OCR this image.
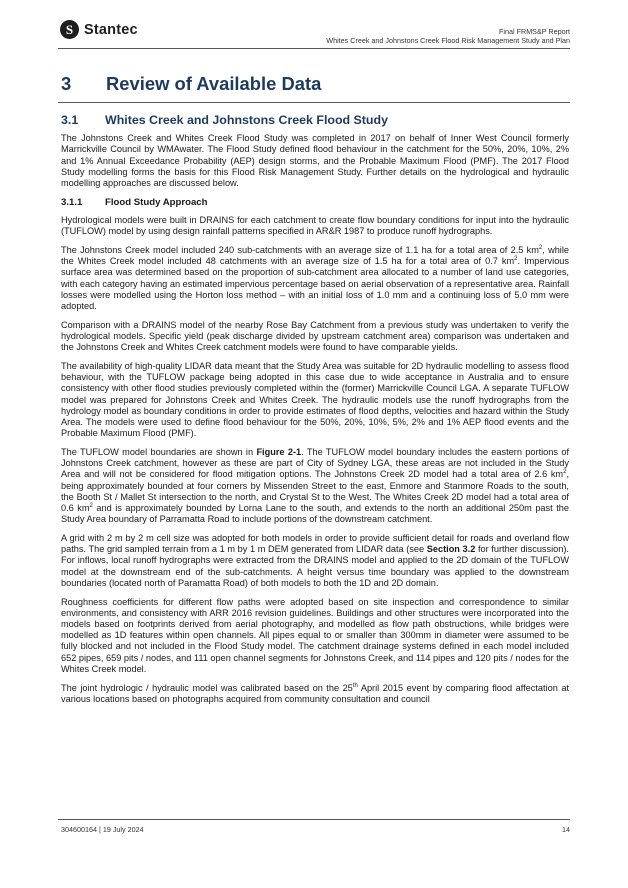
S Stantec	Final FRMS&P Report
Whites Creek and Johnstons Creek Flood Risk Management Study and Plan
3 Review of Available Data
3.1 Whites Creek and Johnstons Creek Flood Study

The Johnstons Creek and Whites Creek Flood Study was completed in 2017 on behalf of Inner West Council formerly Marrickville Council by WMAwater. The Flood Study defined flood behaviour in the catchment for the 50%, 20%, 10%, 2% and 1% Annual Exceedance Probability (AEP) design storms, and the Probable Maximum Flood (PMF). The 2017 Flood Study modelling forms the basis for this Flood Risk Management Study. Further details on the hydrological and hydraulic modelling approaches are discussed below.

3.1.1 Flood Study Approach

Hydrological models were built in DRAINS for each catchment to create flow boundary conditions for input into the hydraulic (TUFLOW) model by using design rainfall patterns specified in AR&R 1987 to produce runoff hydrographs.

The Johnstons Creek model included 240 sub-catchments with an average size of 1.1 ha for a total area of 2.5 $km^2$, while the Whites Creek model included 48 catchments with an average size of 1.5 ha for a total area of 0.7 $km^2$. Impervious surface area was determined based on the proportion of sub-catchment area allocated to a number of land use categories, with each category having an estimated impervious percentage based on aerial observation of a representative area. Rainfall losses were modelled using the Horton loss method – with an initial loss of 1.0 mm and a continuing loss of 5.0 mm were adopted.

Comparison with a DRAINS model of the nearby Rose Bay Catchment from a previous study was undertaken to verify the hydrological models. Specific yield (peak discharge divided by upstream catchment area) comparison was undertaken and the Johnstons Creek and Whites Creek catchment models were found to have comparable yields.

The availability of high-quality LIDAR data meant that the Study Area was suitable for 2D hydraulic modelling to assess flood behaviour, with the TUFLOW package being adopted in this case due to wide acceptance in Australia and to ensure consistency with other flood studies previously completed within the (former) Marrickville Council LGA. A separate TUFLOW model was prepared for Johnstons Creek and Whites Creek. The hydraulic models use the runoff hydrographs from the hydrology model as boundary conditions in order to provide estimates of flood depths, velocities and hazard within the Study Area. The models were used to define flood behaviour for the 50%, 20%, 10%, 5%, 2% and 1% AEP flood events and the Probable Maximum Flood (PMF).

The TUFLOW model boundaries are shown in Figure 2-1. The TUFLOW model boundary includes the eastern portions of Johnstons Creek catchment, however as these are part of City of Sydney LGA, these areas are not included in the Study Area and will not be considered for flood mitigation options. The Johnstons Creek 2D model had a total area of 2.6 $km^2$, being approximately bounded at four corners by Missenden Street to the east, Enmore and Stanmore Roads to the south, the Booth St / Mallet St intersection to the north, and Crystal St to the West. The Whites Creek 2D model had a total area of 0.6 $km^2$ and is approximately bounded by Lorna Lane to the south, and extends to the north an additional 250m past the Study Area boundary of Parramatta Road to include portions of the downstream catchment.

A grid with 2 m by 2 m cell size was adopted for both models in order to provide sufficient detail for roads and overland flow paths. The grid sampled terrain from a 1 m by 1 m DEM generated from LIDAR data (see Section 3.2 for further discussion). For inflows, local runoff hydrographs were extracted from the DRAINS model and applied to the 2D domain of the TUFLOW model at the downstream end of the sub-catchments. A height versus time boundary was applied to the downstream boundaries (located north of Paramatta Road) of both models to both the 1D and 2D domain.

Roughness coefficients for different flow paths were adopted based on site inspection and correspondence to similar environments, and consistency with ARR 2016 revision guidelines. Buildings and other structures were incorporated into the models based on footprints derived from aerial photography, and modelled as flow path obstructions, while bridges were modelled as 1D features within open channels. All pipes equal to or smaller than 300mm in diameter were assumed to be fully blocked and not included in the Flood Study model. The catchment drainage systems defined in each model included 652 pipes, 659 pits / nodes, and 111 open channel segments for Johnstons Creek, and 114 pipes and 120 pits / nodes for the Whites Creek model.

The joint hydrologic / hydraulic model was calibrated based on the 25th April 2015 event by comparing flood affectation at various locations based on photographs acquired from community consultation and council

304600164 | 19 July 2024	14
